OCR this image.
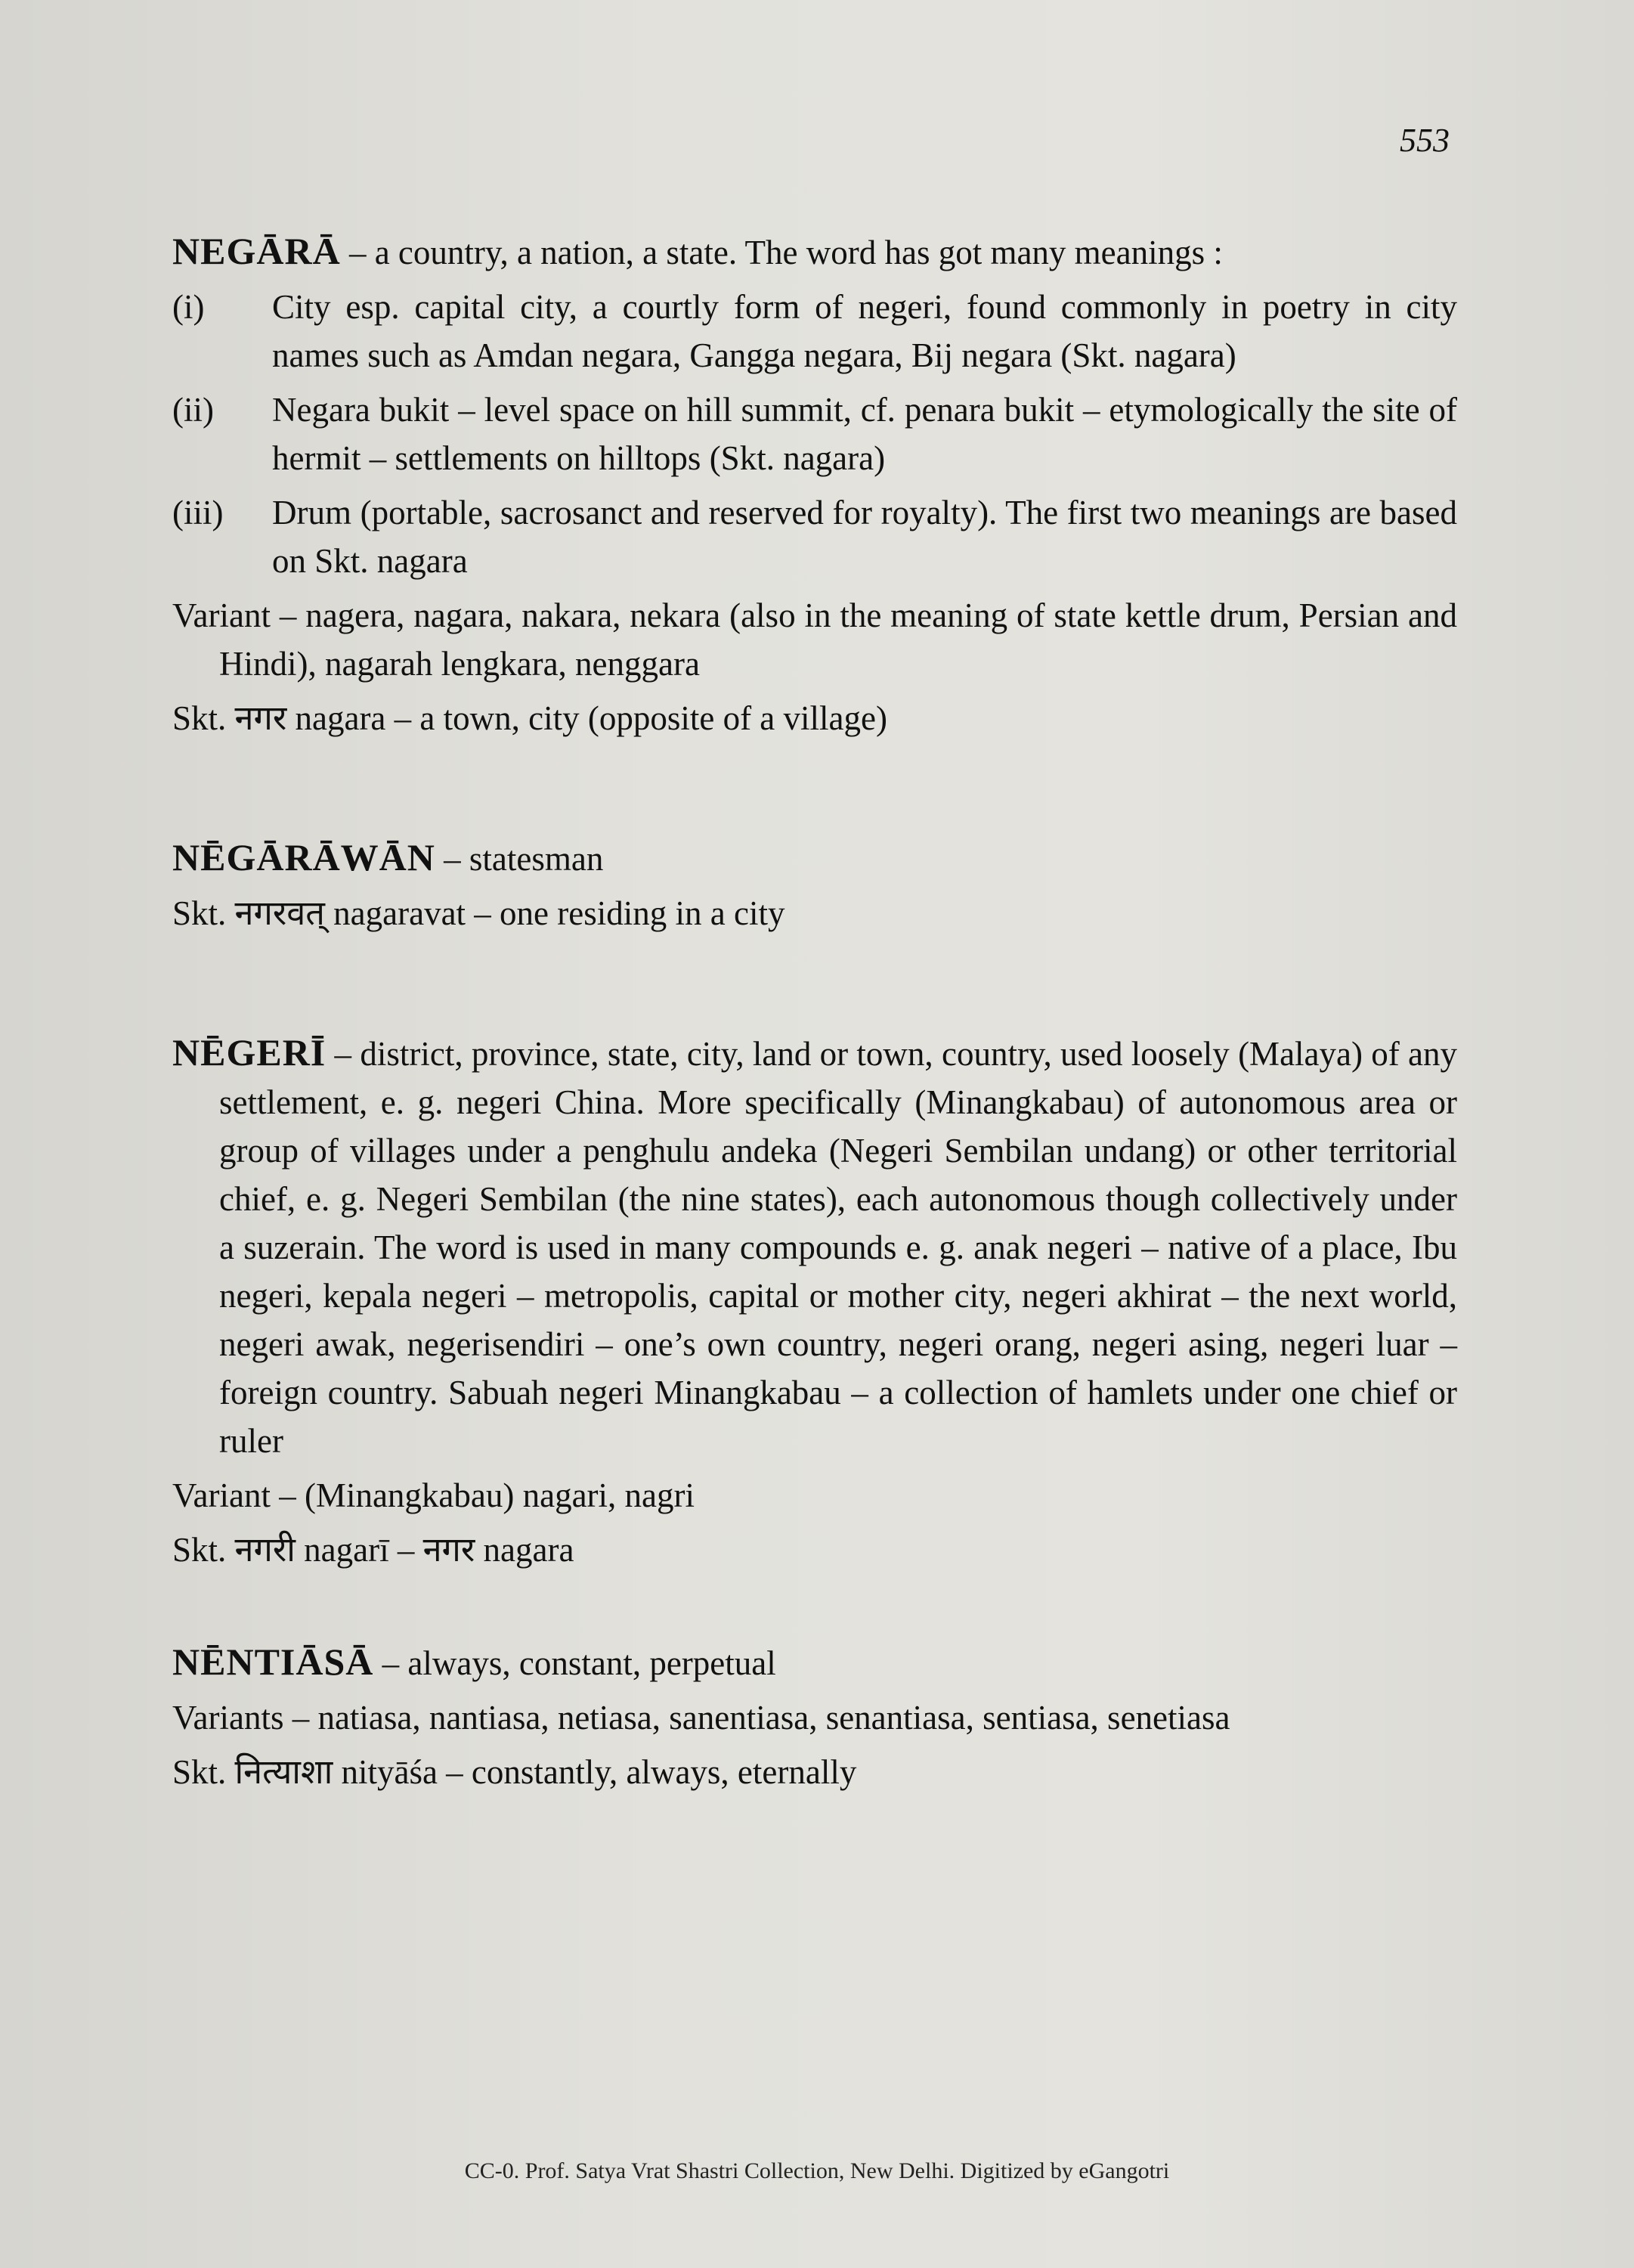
553

NEGĀRĀ – a country, a nation, a state. The word has got many meanings :

(i)	City esp. capital city, a courtly form of negeri, found commonly in poetry in city names such as Amdan negara, Gangga negara, Bij negara (Skt. nagara)
(ii)	Negara bukit – level space on hill summit, cf. penara bukit – etymologically the site of hermit – settlements on hilltops (Skt. nagara)
(iii)	Drum (portable, sacrosanct and reserved for royalty). The first two meanings are based on Skt. nagara

Variant – nagera, nagara, nakara, nekara (also in the meaning of state kettle drum, Persian and Hindi), nagarah lengkara, nenggara

Skt. नगर nagara – a town, city (opposite of a village)

NĒGĀRĀWĀN – statesman

Skt. नगरवत् nagaravat – one residing in a city

NĒGERĪ – district, province, state, city, land or town, country, used loosely (Malaya) of any settlement, e. g. negeri China. More specifically (Minangkabau) of autonomous area or group of villages under a penghulu andeka (Negeri Sembilan undang) or other territorial chief, e. g. Negeri Sembilan (the nine states), each autonomous though collectively under a suzerain. The word is used in many compounds e. g. anak negeri – native of a place, Ibu negeri, kepala negeri – metropolis, capital or mother city, negeri akhirat – the next world, negeri awak, negerisendiri – one’s own country, negeri orang, negeri asing, negeri luar – foreign country. Sabuah negeri Minangkabau – a collection of hamlets under one chief or ruler

Variant – (Minangkabau) nagari, nagri

Skt. नगरी nagarī – नगर nagara

NĒNTIĀSĀ – always, constant, perpetual

Variants – natiasa, nantiasa, netiasa, sanentiasa, senantiasa, sentiasa, senetiasa

Skt. नित्याशा nityāśa – constantly, always, eternally

CC-0. Prof. Satya Vrat Shastri Collection, New Delhi. Digitized by eGangotri
